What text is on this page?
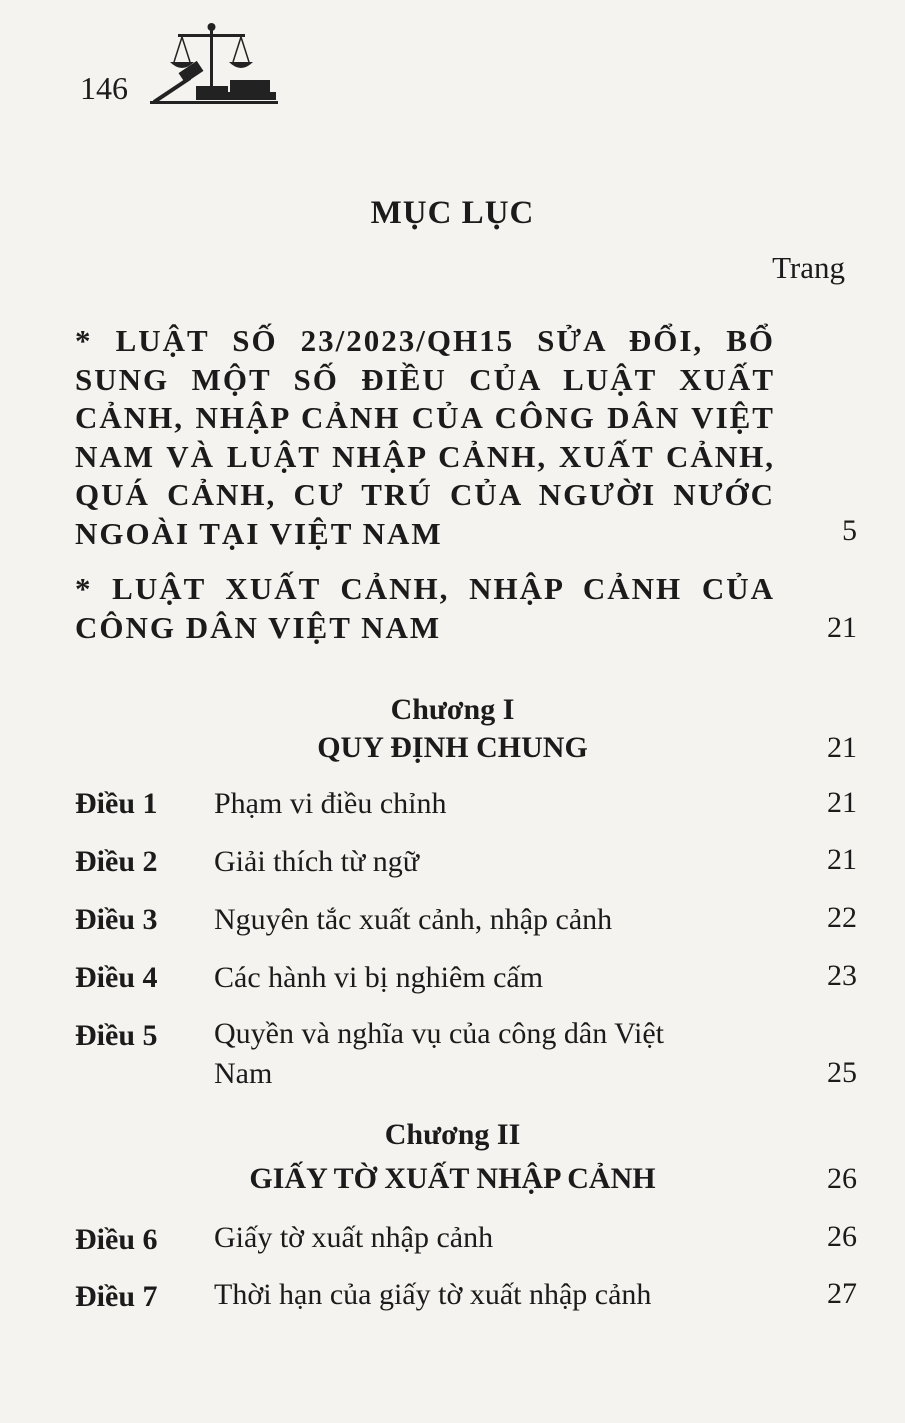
146
MỤC LỤC
Trang
* LUẬT SỐ 23/2023/QH15 SỬA ĐỔI, BỔ SUNG MỘT SỐ ĐIỀU CỦA LUẬT XUẤT CẢNH, NHẬP CẢNH CỦA CÔNG DÂN VIỆT NAM VÀ LUẬT NHẬP CẢNH, XUẤT CẢNH, QUÁ CẢNH, CƯ TRÚ CỦA NGƯỜI NƯỚC NGOÀI TẠI VIỆT NAM	5
* LUẬT XUẤT CẢNH, NHẬP CẢNH CỦA CÔNG DÂN VIỆT NAM	21
Chương I
QUY ĐỊNH CHUNG	21
Điều 1 Phạm vi điều chỉnh	21
Điều 2 Giải thích từ ngữ	21
Điều 3 Nguyên tắc xuất cảnh, nhập cảnh	22
Điều 4 Các hành vi bị nghiêm cấm	23
Điều 5 Quyền và nghĩa vụ của công dân Việt Nam	25
Chương II
GIẤY TỜ XUẤT NHẬP CẢNH	26
Điều 6 Giấy tờ xuất nhập cảnh	26
Điều 7 Thời hạn của giấy tờ xuất nhập cảnh	27
